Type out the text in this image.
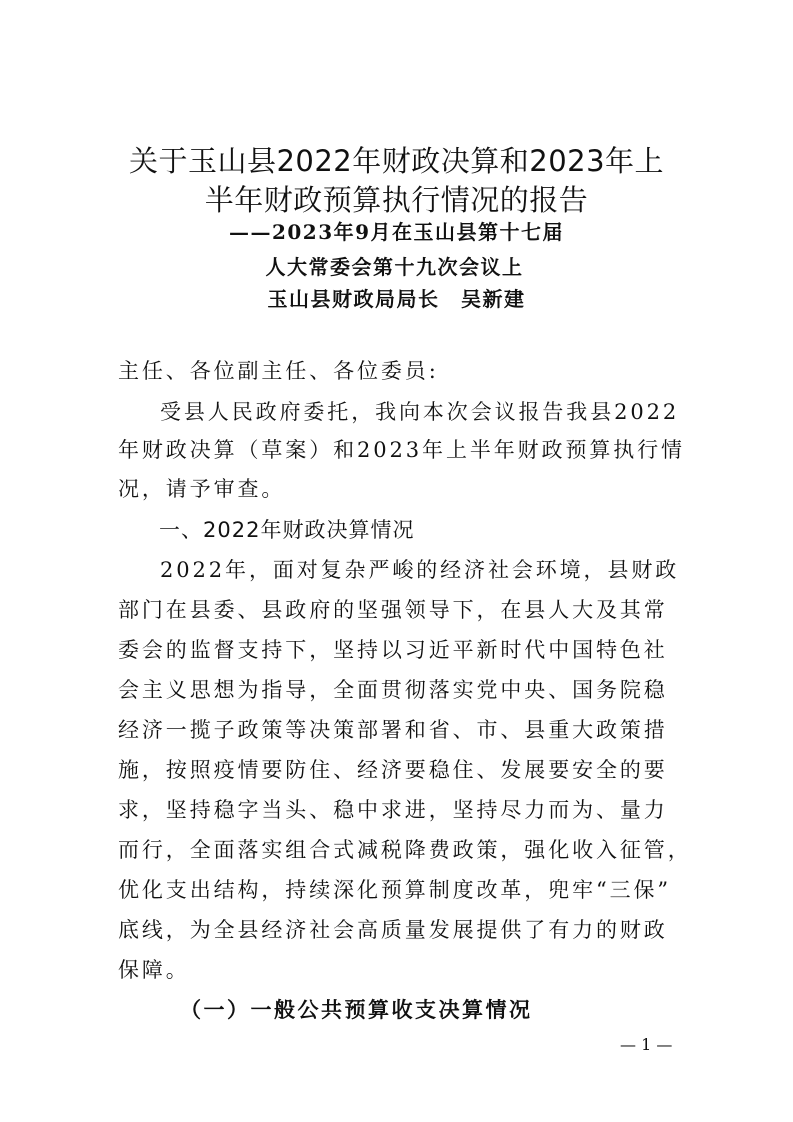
关于玉山县2022年财政决算和2023年上
半年财政预算执行情况的报告
——2023年9月在玉山县第十七届
人大常委会第十九次会议上
玉山县财政局局长　吴新建
主任、各位副主任、各位委员:
受县人民政府委托，我向本次会议报告我县2022
年财政决算（草案）和2023年上半年财政预算执行情
况，请予审查。
一、2022年财政决算情况
2022年，面对复杂严峻的经济社会环境，县财政
部门在县委、县政府的坚强领导下，在县人大及其常
委会的监督支持下，坚持以习近平新时代中国特色社
会主义思想为指导，全面贯彻落实党中央、国务院稳
经济一揽子政策等决策部署和省、市、县重大政策措
施，按照疫情要防住、经济要稳住、发展要安全的要
求，坚持稳字当头、稳中求进，坚持尽力而为、量力
而行，全面落实组合式减税降费政策，强化收入征管，
优化支出结构，持续深化预算制度改革，兜牢“三保”
底线，为全县经济社会高质量发展提供了有力的财政
保障。
（一）一般公共预算收支决算情况
— 1 —
